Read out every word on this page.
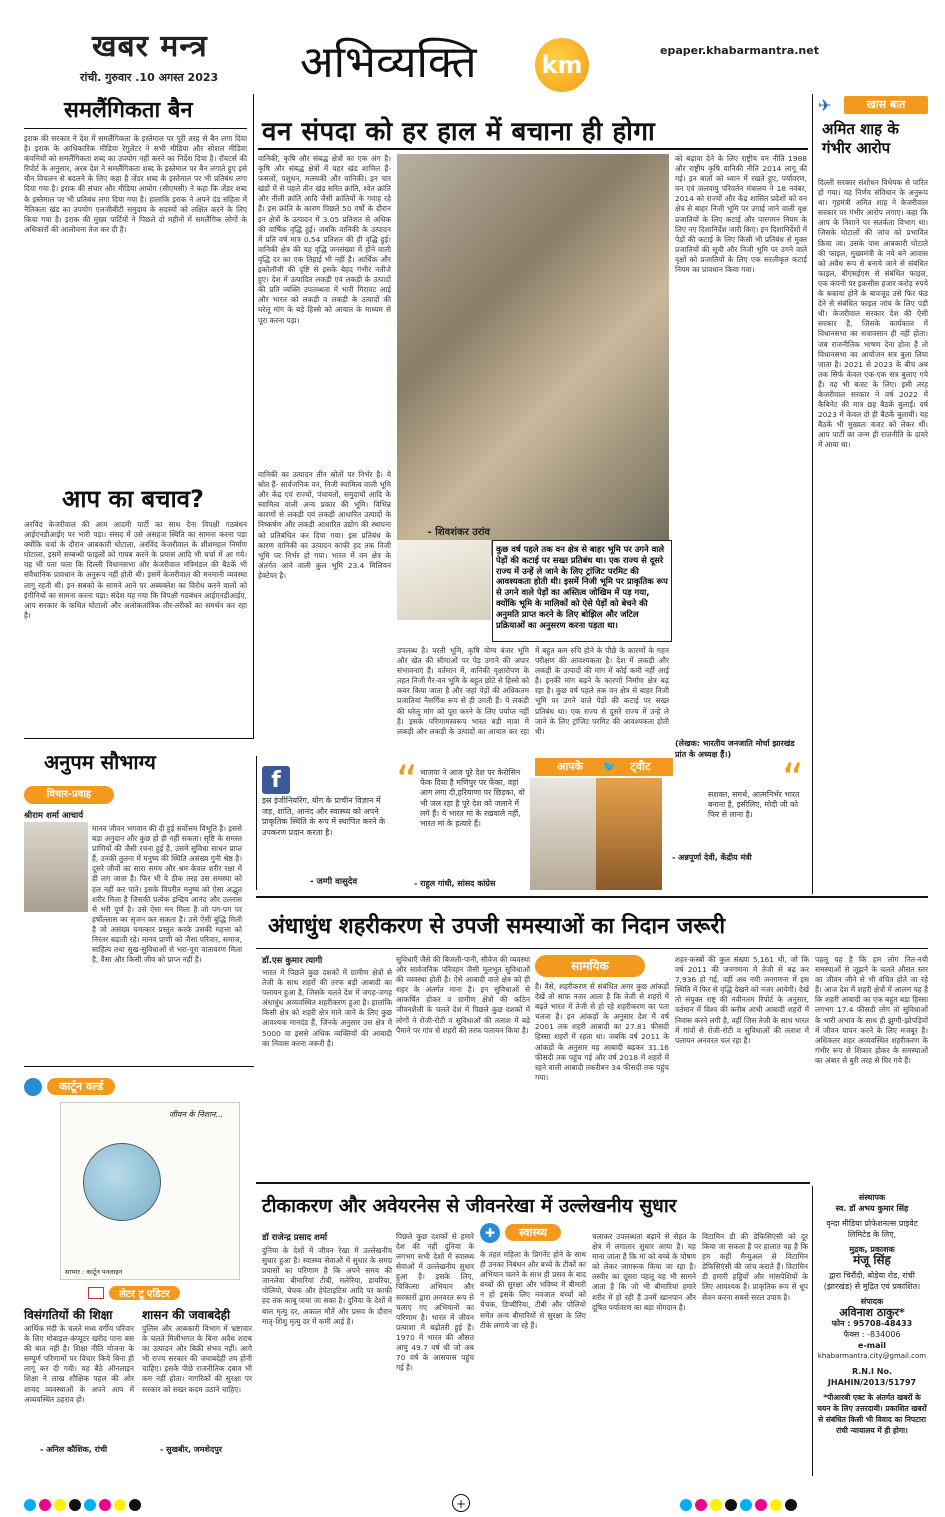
खबर मन्त्र
रांची. गुरुवार .10 अगस्त 2023	अभिव्यक्ति	km
epaper.khabarmantra.net
समलैंगिकता बैन
इराक की सरकार ने देश में समलैंगिकता के इस्तेमाल पर पूरी तरह से बैन लगा दिया है। इराक के आधिकारिक मीडिया रेगुलेटर ने सभी मीडिया और सोशल मीडिया कंपनियों को समलैंगिकता शब्द का उपयोग नहीं करने का निर्देश दिया है। रॉयटर्स की रिपोर्ट के अनुसार, अरब देश ने समलैंगिकता शब्द के इस्तेमाल पर बैन लगाते हुए इसे यौन विचलन से बदलने के लिए कहा है जेंडर शब्द के इस्तेमाल पर भी प्रतिबंध लगा दिया गया है। इराक की संचार और मीडिया आयोग (सीएमसी) ने कहा कि जेंडर शब्द के इस्तेमाल पर भी प्रतिबंध लगा दिया गया है। हालांकि इराक ने अपने दंड संहिता में नैतिकता खंड का उपयोग एलजीबीटी समुदाय के सदस्यों को लक्षित करने के लिए किया गया है। इराक की मुख्य पार्टियों ने पिछले दो महीनों में समलैंगिक लोगों के अधिकारों की आलोचना तेज कर दी है।
आप का बचाव?
अरविंद केजरीवाल की आम आदमी पार्टी का साथ देना विपक्षी गठबंधन आईएनडीआईए पर भारी पड़ा। संसद में उसे असहज स्थिति का सामना करना पड़ा क्योंकि चर्चा के दौरान आबकारी घोटाला, अरविंद केजरीवाल के शीशमहल निर्माण घोटाला, इसमें सम्बन्धी फाइलों को गायब करने के प्रयास आदि भी चर्चा में आ गये। यह भी पता चला कि दिल्ली विधानसभा और केजरीवाल मंत्रिमंडल की बैठकें भी संवैधानिक प्रावधान के अनुरूप नहीं होती थी। इसमें केजरीवाल की मनमानी व्यवस्था लागू रहती थी। इन सबको के सामने आने पर अब्यक्तेश का विरोध करने वालों को इंगीनियों का सामना करना पड़ा। संदेश यह गया कि विपक्षी गठबंधन आईएनडीआईए, आप सरकार के कथित घोटालों और अलोकतांत्रिक तौर-तरीकों का समर्थन कर रहा है।
वन संपदा को हर हाल में बचाना ही होगा
वानिकी, कृषि और संबद्ध क्षेत्रों का एक अंग है। कृषि और संबद्ध क्षेत्रों में पहर खंड शामिल हैं-फसलों, पशुधन, मत्स्यकी और वानिकी। इन चार खंडों में से पहले तीन खंड सरित क्रांति, श्वेत क्रांति और नीली क्रांति आदि जैसी क्रांतियों के गवाह रहे हैं। इस क्रांति के कारण पिछले 50 वर्षों के दौरान इन क्षेत्रों के उत्पादन में 3.05 प्रतिशत से अधिक की वार्षिक वृद्धि हुई। जबकि वानिकी के उत्पादन में प्रति वर्ष मात्र 0.54 प्रतिशत की ही वृद्धि हुई। वानिकी क्षेत्र की यह वृद्धि जनसंख्या में होने वाली वृद्धि दर का एक तिहाई भी नहीं है। आर्थिक और इकोलॉजी की दृष्टि से इसके बेहद गंभीर नतीजे हुए। देश में उत्पादित लकड़ी एवं लकड़ी के उत्पादों की प्रति व्यक्ति उपलब्धता में भारी गिरावट आई और भारत को लकड़ी व लकड़ी के उत्पादों की घरेलू मांग के बड़े हिस्से को आयात के माध्यम से पूरा करना पड़ा।
वानिकी का उत्पादन तीन स्रोतों पर निर्भर है। ये स्रोत हैं- सार्वजनिक वन, निजी स्वामित्व वाली भूमि और केंद्र एवं राज्यों, पंचायतों, समुदायों आदि के स्वामित्व वाली अन्य प्रकार की भूमि। विभिन्न कारणों से लकड़ी एवं लकड़ी आधारित उत्पादों के निष्कर्षण और लकड़ी आधारित उद्योग की स्थापना को प्रतिबंधित कर दिया गया। इस प्रतिबंध के कारण वानिकी का उत्पादन काफी हद तक निजी भूमि पर निर्भर हो गया। भारत में वन क्षेत्र के अंतर्गत आने वाली कुल भूमि 23.4 मिलियन हेक्टेयर है।
को बढ़ावा देने के लिए राष्ट्रीय वन नीति 1988 और राष्ट्रीय कृषि वानिकी नीति 2014 लागू की गई। इन बातों को ध्यान में रखते हुए, पर्यावरण, वन एवं जलवायु परिवर्तन मंत्रालय ने 18 नवंबर, 2014 को राज्यों और केंद्र शासित प्रदेशों को वन क्षेत्र से बाहर निजी भूमि पर उगाई जाने वाली वृक्ष प्रजातियों के लिए कटाई और पारगमन नियम के लिए नए दिशानिर्देश जारी किए। इन दिशानिर्देशों में पेड़ों की कटाई के लिए किसी भी प्रतिबंध से मुक्त प्रजातियों की सूची और निजी भूमि पर उगने वाले वृक्षों को प्रजातियों के लिए एक सरलीकृत कटाई नियम का प्रावधान किया गया।
- शिवशंकर उरांव
कुछ वर्ष पहले तक वन क्षेत्र से बाहर भूमि पर उगने वाले पेड़ों की कटाई पर सख्त प्रतिबंध था। एक राज्य से दूसरे राज्य में उन्हें ले जाने के लिए ट्रांजिट परमिट की आवश्यकता होती थी। इसमें निजी भूमि पर प्राकृतिक रूप से उगने वाले पेड़ों का अस्तित्व जोखिम में पड़ गया, क्योंकि भूमि के मालिकों को ऐसे पेड़ों को बेचने की अनुमति प्राप्त करने के लिए बोझिल और जटिल प्रक्रियाओं का अनुसरण करना पड़ता था।
उपलब्ध है। परती भूमि, कृषि योग्य बंजर भूमि और खेत की सीमाओं पर पेड़ उगाने की अपार संभावनाएं हैं। वर्तमान में, वानिकी वृक्षारोपण के तहत निजी गैर-वन भूमि के बहुत छोटे से हिस्से को कवर किया जाता है और जहां पेड़ों की अधिकतम प्रजातियां नैसर्गिक रूप से ही उगती हैं। ये लकड़ी की घरेलू मांग को पूरा करने के लिए पर्याप्त नहीं है। इसके परिणामस्वरूप भारत बड़ी मात्रा में लकड़ी और लकड़ी के उत्पादों का आयात कर रहा
में बहुत कम रुचि होने के पीछे के कारणों के गहन परीक्षण की आवश्यकता है। देश में लकड़ी और लकड़ी के उत्पादों की मांग में कोई कमी नहीं आई है। इनकी मांग बढ़ने के कारणों निर्माण क्षेत्र बढ़ रहा है। कुछ वर्ष पहले तक वन क्षेत्र से बाहर निजी भूमि पर उगने वाले पेड़ों की कटाई पर सख्त प्रतिबंध था। एक राज्य से दूसरे राज्य में उन्हें ले जाने के लिए ट्रांजिट परमिट की आवश्यकता होती थी।
(लेखक: भारतीय जनजाति मोर्चा झारखंड प्रांत के अध्यक्ष हैं।)
✈	खास बात
अमित शाह के गंभीर आरोप
दिल्ली सरकार संशोधन विधेयक से पारित हो गया। यह निर्णय संविधान के अनुरूप था। गृहमंत्री अमित शाह ने केजरीवाल सरकार पर गंभीर आरोप लगाए। कहा कि आप के निशाने पर सतर्कता विभाग था। जिसके घोटालों की जांच को प्रभावित किया जा। उसके पास आबकारी घोटाले की फाइल, मुख्यमंत्री के नये बने आवास को अवैध रूप से बनाये जाने से संबंधित फाइल, बीएसईएस से संबंधित फाइल, एक कंपनी पर इकसीस हजार करोड़ रुपये के बकाया होने के बावजूद उसे फिर फंड देने से संबंधित फाइल जांच के लिए पड़ी थी। केजरीवाल सरकार देश की ऐसी सरकार है, जिसके कार्यकाल में विधानसभा का सत्रावसान ही नहीं होता। जब राजनीतिक भाषण देना होता है तो विधानसभा का आयोजन सत्र बुला लिया जाता है। 2021 से 2023 के बीच अब तक सिर्फ केवल एक-एक सत्र बुलाए गये हैं। वह भी बजट के लिए। इसी तरह केजरीवाल सरकार ने वर्ष 2022 में कैबिनेट की मात्र छह बैठकें बुलाईं। वर्ष 2023 में केवल दो ही बैठकें बुलायीं। यह बैठकें भी मुख्यतः बजट को लेकर थीं। आप पार्टी का जन्म ही राजनीति के दायरे में आया था।
अनुपम सौभाग्य
विचार-प्रवाह
श्रीराम शर्मा आचार्य
मानव जीवन भगवान की दी हुई सर्वोत्तम विभूति है। इससे बड़ा अनुदान और कुछ हो ही नहीं सकता। सृष्टि के समस्त प्राणियों की जैसी रचना हुई है, उसमें सुविधा साधन प्राप्त हैं, उनकी तुलना में मनुष्य की स्थिति असंख्य गुनी श्रेष्ठ है। दूसरे जीवों का सारा समय और श्रम केवल शरीर रक्षा में ही लग जाता है। फिर भी वे ठीक तरह उस समस्या को हल नहीं कर पाते। इसके विपरीत मनुष्य को ऐसा अद्भुत शरीर मिला है जिसकी प्रत्येक इन्द्रिय आनंद और उल्लास से भरी पूर्ण है। उसे ऐसा मन मिला है जो पग-पग पर हर्षोल्लास का सृजन कर सकता है। उसे ऐसी बुद्धि मिली है जो असंख्य चमत्कार प्रस्तुत करके उसकी महत्ता को निरंतर बढ़ाती रहे। मानव प्राणी को जैसा परिवार, समाज, साहित्य तथा सुख-सुविधाओं से भरा-पूरा वातावरण मिला है, वैसा और किसी जीव को प्राप्त नहीं है।
f
इस्र इंजीनियरिंग, योग के प्राचीन विज्ञान में जड़, शांति, आनंद और स्वास्थ्य को अपने प्राकृतिक स्थिति के रूप में स्थापित करने के उपकरण प्रदान करता है।
- जग्गी वासुदेव
“	आपके 🐦 ट्वीट
भाजपा ने आज पूरे देश पर केरोसिन फेंक दिया है मणिपुर पर फेंका, वहां आग लगा दी,हरियाणा पर छिड़का, वो भी जल रहा है पूरे देश को जलाने में लगे हैं। ये भारत मां के रखवाले नहीं, भारत मां के हत्यारे हैं।
- राहुल गांधी, सांसद कांग्रेस
सशक्त, समर्थ, आत्मनिर्भर भारत बनाना है, इसीलिए, मोदी जी को फिर से लाना है।
- अन्नपूर्णा देवी, केंद्रीय मंत्री
“
अंधाधुंध शहरीकरण से उपजी समस्याओं का निदान जरूरी
डॉ.एस कुमार त्यागी
भारत में पिछले कुछ दशकों में ग्रामीण क्षेत्रों से तेजी के साथ शहरों की तरफ बड़ी आबादी का पलायन हुआ है, जिसके चलते देश में जगह-जगह अंधाधुंध अव्यवस्थित शहरीकरण हुआ है। हालांकि किसी क्षेत्र को शहरी क्षेत्र माने जाने के लिए कुछ आवश्यक मानदंड हैं, जिनके अनुसार उस क्षेत्र में 5000 या इससे अधिक व्यक्तियों की आबादी का निवास करना जरूरी है।
सुविधाएँ जैसे की बिजली-पानी, सीवेज की व्यवस्था और सार्वजनिक परिवहन जैसी मूलभूत सुविधाओं की व्यवस्था होती है। ऐसे आबादी वाले क्षेत्र को ही शहर के अंतर्गत माना है। इन सुविधाओं से आकर्षित होकर व ग्रामीण क्षेत्रों की कठिन जीवनशैली के चलते देश में पिछले कुछ दशकों में लोगों ने रोजी-रोटी व सुविधाओं की तलाश में बड़े पैमाने पर गांव से शहरों की तरफ पलायन किया है।
सामयिक
है। वैसे, शहरीकरण से संबंधित अगर कुछ आंकड़ों देखें तो साफ नजर आता है कि तेजी से शहरों में बढ़ते भारत में तेजी से हो रहे शहरीकरण का पता चलता है। इन आंकड़ों के अनुसार देश में वर्ष 2001 तक शहरी आबादी का 27.81 फीसदी हिस्सा शहरों में रहता था। जबकि वर्ष 2011 के आंकड़ों के अनुसार यह आबादी बढ़कर 31.16 फीसदी तक पहुंच गई और वर्ष 2018 में शहरों में रहने वाली आबादी तकरीबन 34 फीसदी तक पहुंच गया।
शहर-कस्बों की कुल संख्या 5,161 थी, जो कि वर्ष 2011 की जनगणना में तेजी से बढ़ कर 7,936 हो गई, वहीं अब नयी जनगणना में इस स्थिति में फिर से वृद्धि देखने को नजर आयेगी। देखें तो संयुक्त राष्ट्र की नवीनतम रिपोर्ट के अनुसार, वर्तमान में विश्व की करीब आधी आबादी शहरों में निवास करने लगी है, वहीं जिस तेजी के साथ भारत में गांवों से रोजी-रोटी व सुविधाओं की तलाश में पलायन अनवरत चल रहा है।
पहलू यह है कि हम लोग नित-नयी समस्याओं से जूझने के चलते औसत स्तर का जीवन जीने से भी वंचित होते जा रहे हैं। आज देश में शहरी क्षेत्रों में आलम यह है कि शहरी आबादी का एक बहुत बड़ा हिस्सा लगभग 17.4 फीसदी लोग तो सुविधाओं के भारी अभाव के साथ ही झुग्गी-झोपड़ियों में जीवन यापन करने के लिए मजबूर है। अधिकतर शहर अव्यवस्थित शहरीकरण के गंभीर रूप से शिकार होकर के समस्याओं का अंबार से बुरी तरह से घिर गये हैं।
कार्टून वर्ल्ड
जीवन के निशान...
साभार : कार्टून पनलाइन
लेटर टू एडिटर
विसंगतियों की शिक्षा
आर्थिक मंदी के चलते मध्य वर्गीय परिवार के लिए मोबाइल-कंप्यूटर खरीद पाना बस की बात नहीं है। शिक्षा नीति योजना के सम्पूर्ण परिणामों पर विचार किये बिना ही लागू कर दी गयी। यह बैठे ऑनलाइन शिक्षा ने लाख शौक्षिक पहल की ओर शायद व्यवस्थाओं के अपने आप में अव्यवस्थित ठहराव हो।
- अनिल कौशिक, रांची
शासन की जवाबदेही
पुलिस और आबकारी विभाग में भ्रष्टाचार के चलते मिलीभगत के बिना अवैध शराब का उत्पादन और बिक्री संभव नहीं। आगे भी राज्य सरकार की जवाबदेही तय होनी चाहिए। इसके पीछे राजनीतिक दबाव भी कम नहीं होता। नागरिकों की सुरक्षा पर सरकार को सख्त कदम उठाने चाहिए।
- सुखबीर, जमशेदपुर
टीकाकरण और अवेयरनेस से जीवनरेखा में उल्लेखनीय सुधार
डॉ राजेन्द्र प्रसाद शर्मा
दुनिया के देशों में जीवन रेखा में उल्लेखनीय सुधार हुआ है। स्वास्थ्य सेवाओं में सुधार के समग्र प्रयासों का परिणाम है कि अपने समय की जानलेवा बीमारियां टीबी, मलेरिया, डायरिया, पोलियो, चेचक और हेपेटाइटिस आदि पर काफी हद तक काबू पाया जा सका है। दुनिया के देशों में बाल मृत्यु दर, अकाल मौतें और प्रसव के दौरान मातृ-शिशु मृत्यु दर में कमी आई है।
पिछले कुछ दशकों से हमारे देश की नहीं दुनिया के लगभग सभी देशों में स्वास्थ्य सेवाओं में उल्लेखनीय सुधार हुआ है। इसके लिए, चिकित्सा अभियान और सरकारों द्वारा अनवरत रूप से चलाए गए अभियानों का परिणाम है। भारत में जीवन प्रत्याशा में बढ़ोतरी हुई है। 1970 में भारत की औसत आयु 49.7 वर्ष थी जो अब 70 वर्ष के आसपास पहुंच गई है।
✚ स्वास्थ्य
के तहत महिला के प्रिगनेंट होने के साथ ही उनका निबंधन और बच्चे के टीकों का अभियान चलने के साथ ही प्रसव के बाद बच्चों की सुरक्षा और भविष्य में बीमारी न हो इसके लिए नवजात बच्चों को चेचक, डिप्थीरिया, टीबी और पोलियो समेत अन्य बीमारियों से सुरक्षा के लिए टीके लगाये जा रहे हैं।
चलाकर उपलब्धता बढ़ाने से सेहत के क्षेत्र में लगातार सुधार आया है। यह माना जाता है कि मां को बच्चे के पोषण को लेकर जागरूक किया जा रहा है। तस्वीर का दूसरा पहलू यह भी सामने आता है कि जो भी बीमारियां हमारे शरीर में हो रही हैं उनमें खानपान और दूषित पर्यावरण का बड़ा योगदान है।
विटामिन डी की डेफिसिएंसी को दूर किया जा सकता है पर हालात यह है कि हम कहीं मैन्युअल से विटामिन डेफिसिएंसी की जांच कराते हैं। विटामिन डी हमारी हड्डियों और मांसपेशियों के लिए आवश्यक है। प्राकृतिक रूप से धूप सेवन करना सबसे सरल उपाय है।
संस्थापक
स्व. डॉ अभय कुमार सिंह
वृन्दा मीडिया प्रोफेशनल्स प्राइवेट लिमिटेड के लिए,
मुद्रक, प्रकाशक
मंजू सिंह
द्वारा चिरौंदी, बोड़ेया रोड, रांची (झारखंड) से मुद्रित एवं प्रकाशित।
संपादक
अविनाश ठाकुर*
फोन : 95708-48433
फैक्स : -834006
e-mail
khabarmantra.city@gmail.com
R.N.I No.
JHAHIN/2013/51797
*पीआरबी एक्ट के अंतर्गत खबरों के चयन के लिए उत्तरदायी। प्रकाशित खबरों से संबंधित किसी भी विवाद का निपटारा रांची न्यायालय में ही होगा।
+
